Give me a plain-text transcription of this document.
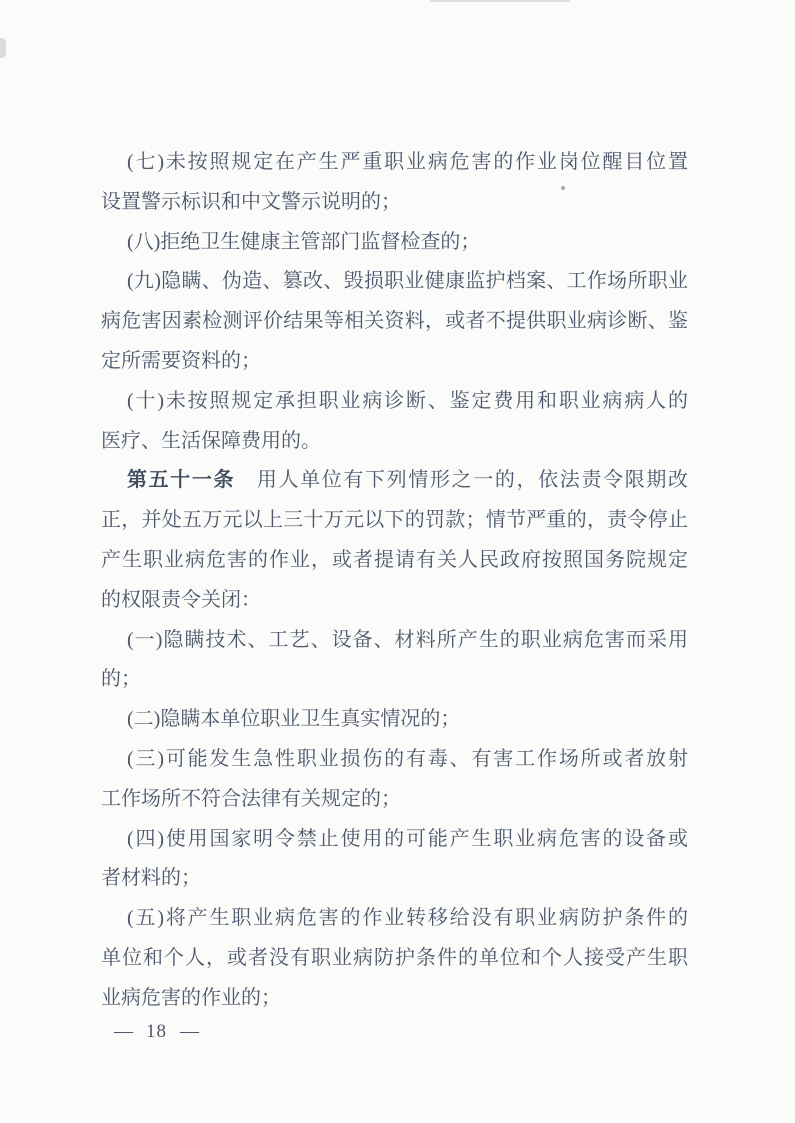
(七)未按照规定在产生严重职业病危害的作业岗位醒目位置
设置警示标识和中文警示说明的；

(八)拒绝卫生健康主管部门监督检查的；

(九)隐瞒、伪造、篡改、毁损职业健康监护档案、工作场所职业
病危害因素检测评价结果等相关资料，或者不提供职业病诊断、鉴
定所需要资料的；

(十)未按照规定承担职业病诊断、鉴定费用和职业病病人的
医疗、生活保障费用的。

第五十一条　用人单位有下列情形之一的，依法责令限期改
正，并处五万元以上三十万元以下的罚款；情节严重的，责令停止
产生职业病危害的作业，或者提请有关人民政府按照国务院规定
的权限责令关闭：

(一)隐瞒技术、工艺、设备、材料所产生的职业病危害而采用
的；

(二)隐瞒本单位职业卫生真实情况的；

(三)可能发生急性职业损伤的有毒、有害工作场所或者放射
工作场所不符合法律有关规定的；

(四)使用国家明令禁止使用的可能产生职业病危害的设备或
者材料的；

(五)将产生职业病危害的作业转移给没有职业病防护条件的
单位和个人，或者没有职业病防护条件的单位和个人接受产生职
业病危害的作业的；

— 18 —
